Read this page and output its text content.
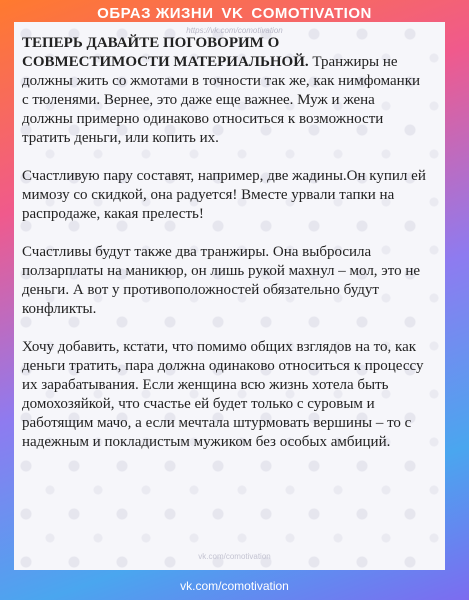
ОБРАЗ ЖИЗНИ VK COMOTIVATION
https://vk.com/comotivation

ТЕПЕРЬ ДАВАЙТЕ ПОГОВОРИМ О СОВМЕСТИМОСТИ МАТЕРИАЛЬНОЙ. Транжиры не должны жить со жмотами в точности так же, как нимфоманки с тюленями. Вернее, это даже еще важнее. Муж и жена должны примерно одинаково относиться к возможности тратить деньги, или копить их.

Счастливую пару составят, например, две жадины.Он купил ей мимозу со скидкой, она радуется! Вместе урвали тапки на распродаже, какая прелесть!

Счастливы будут также два транжиры. Она выбросила ползарплаты на маникюр, он лишь рукой махнул – мол, это не деньги. А вот у противоположностей обязательно будут конфликты.

Хочу добавить, кстати, что помимо общих взглядов на то, как деньги тратить, пара должна одинаково относиться к процессу их зарабатывания. Если женщина всю жизнь хотела быть домохозяйкой, что счастье ей будет только с суровым и работящим мачо, а если мечтала штурмовать вершины – то с надежным и покладистым мужиком без особых амбиций.

vk.com/comotivation
vk.com/comotivation
